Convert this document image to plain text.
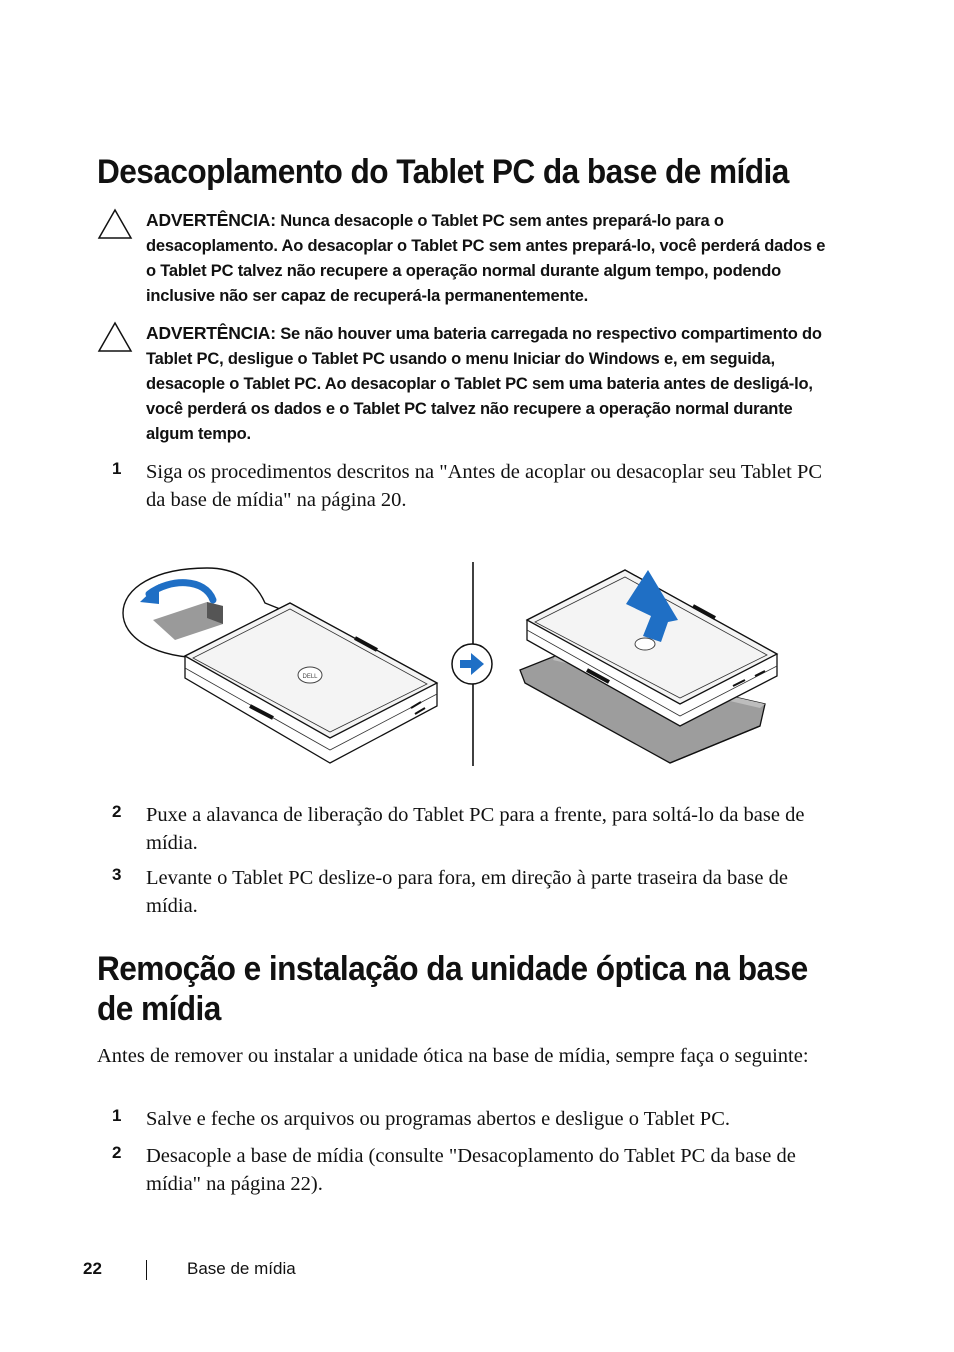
Desacoplamento do Tablet PC da base de mídia

ADVERTÊNCIA: Nunca desacople o Tablet PC sem antes prepará-lo para o desacoplamento. Ao desacoplar o Tablet PC sem antes prepará-lo, você perderá dados e o Tablet PC talvez não recupere a operação normal durante algum tempo, podendo inclusive não ser capaz de recuperá-la permanentemente.

ADVERTÊNCIA: Se não houver uma bateria carregada no respectivo compartimento do Tablet PC, desligue o Tablet PC usando o menu Iniciar do Windows e, em seguida, desacople o Tablet PC. Ao desacoplar o Tablet PC sem uma bateria antes de desligá-lo, você perderá os dados e o Tablet PC talvez não recupere a operação normal durante algum tempo.

1 Siga os procedimentos descritos na "Antes de acoplar ou desacoplar seu Tablet PC da base de mídia" na página 20.

DELL
2 Puxe a alavanca de liberação do Tablet PC para a frente, para soltá-lo da base de mídia.

3 Levante o Tablet PC deslize-o para fora, em direção à parte traseira da base de mídia.

Remoção e instalação da unidade óptica na base de mídia

Antes de remover ou instalar a unidade ótica na base de mídia, sempre faça o seguinte:

1 Salve e feche os arquivos ou programas abertos e desligue o Tablet PC.

2 Desacople a base de mídia (consulte "Desacoplamento do Tablet PC da base de mídia" na página 22).

22	Base de mídia
